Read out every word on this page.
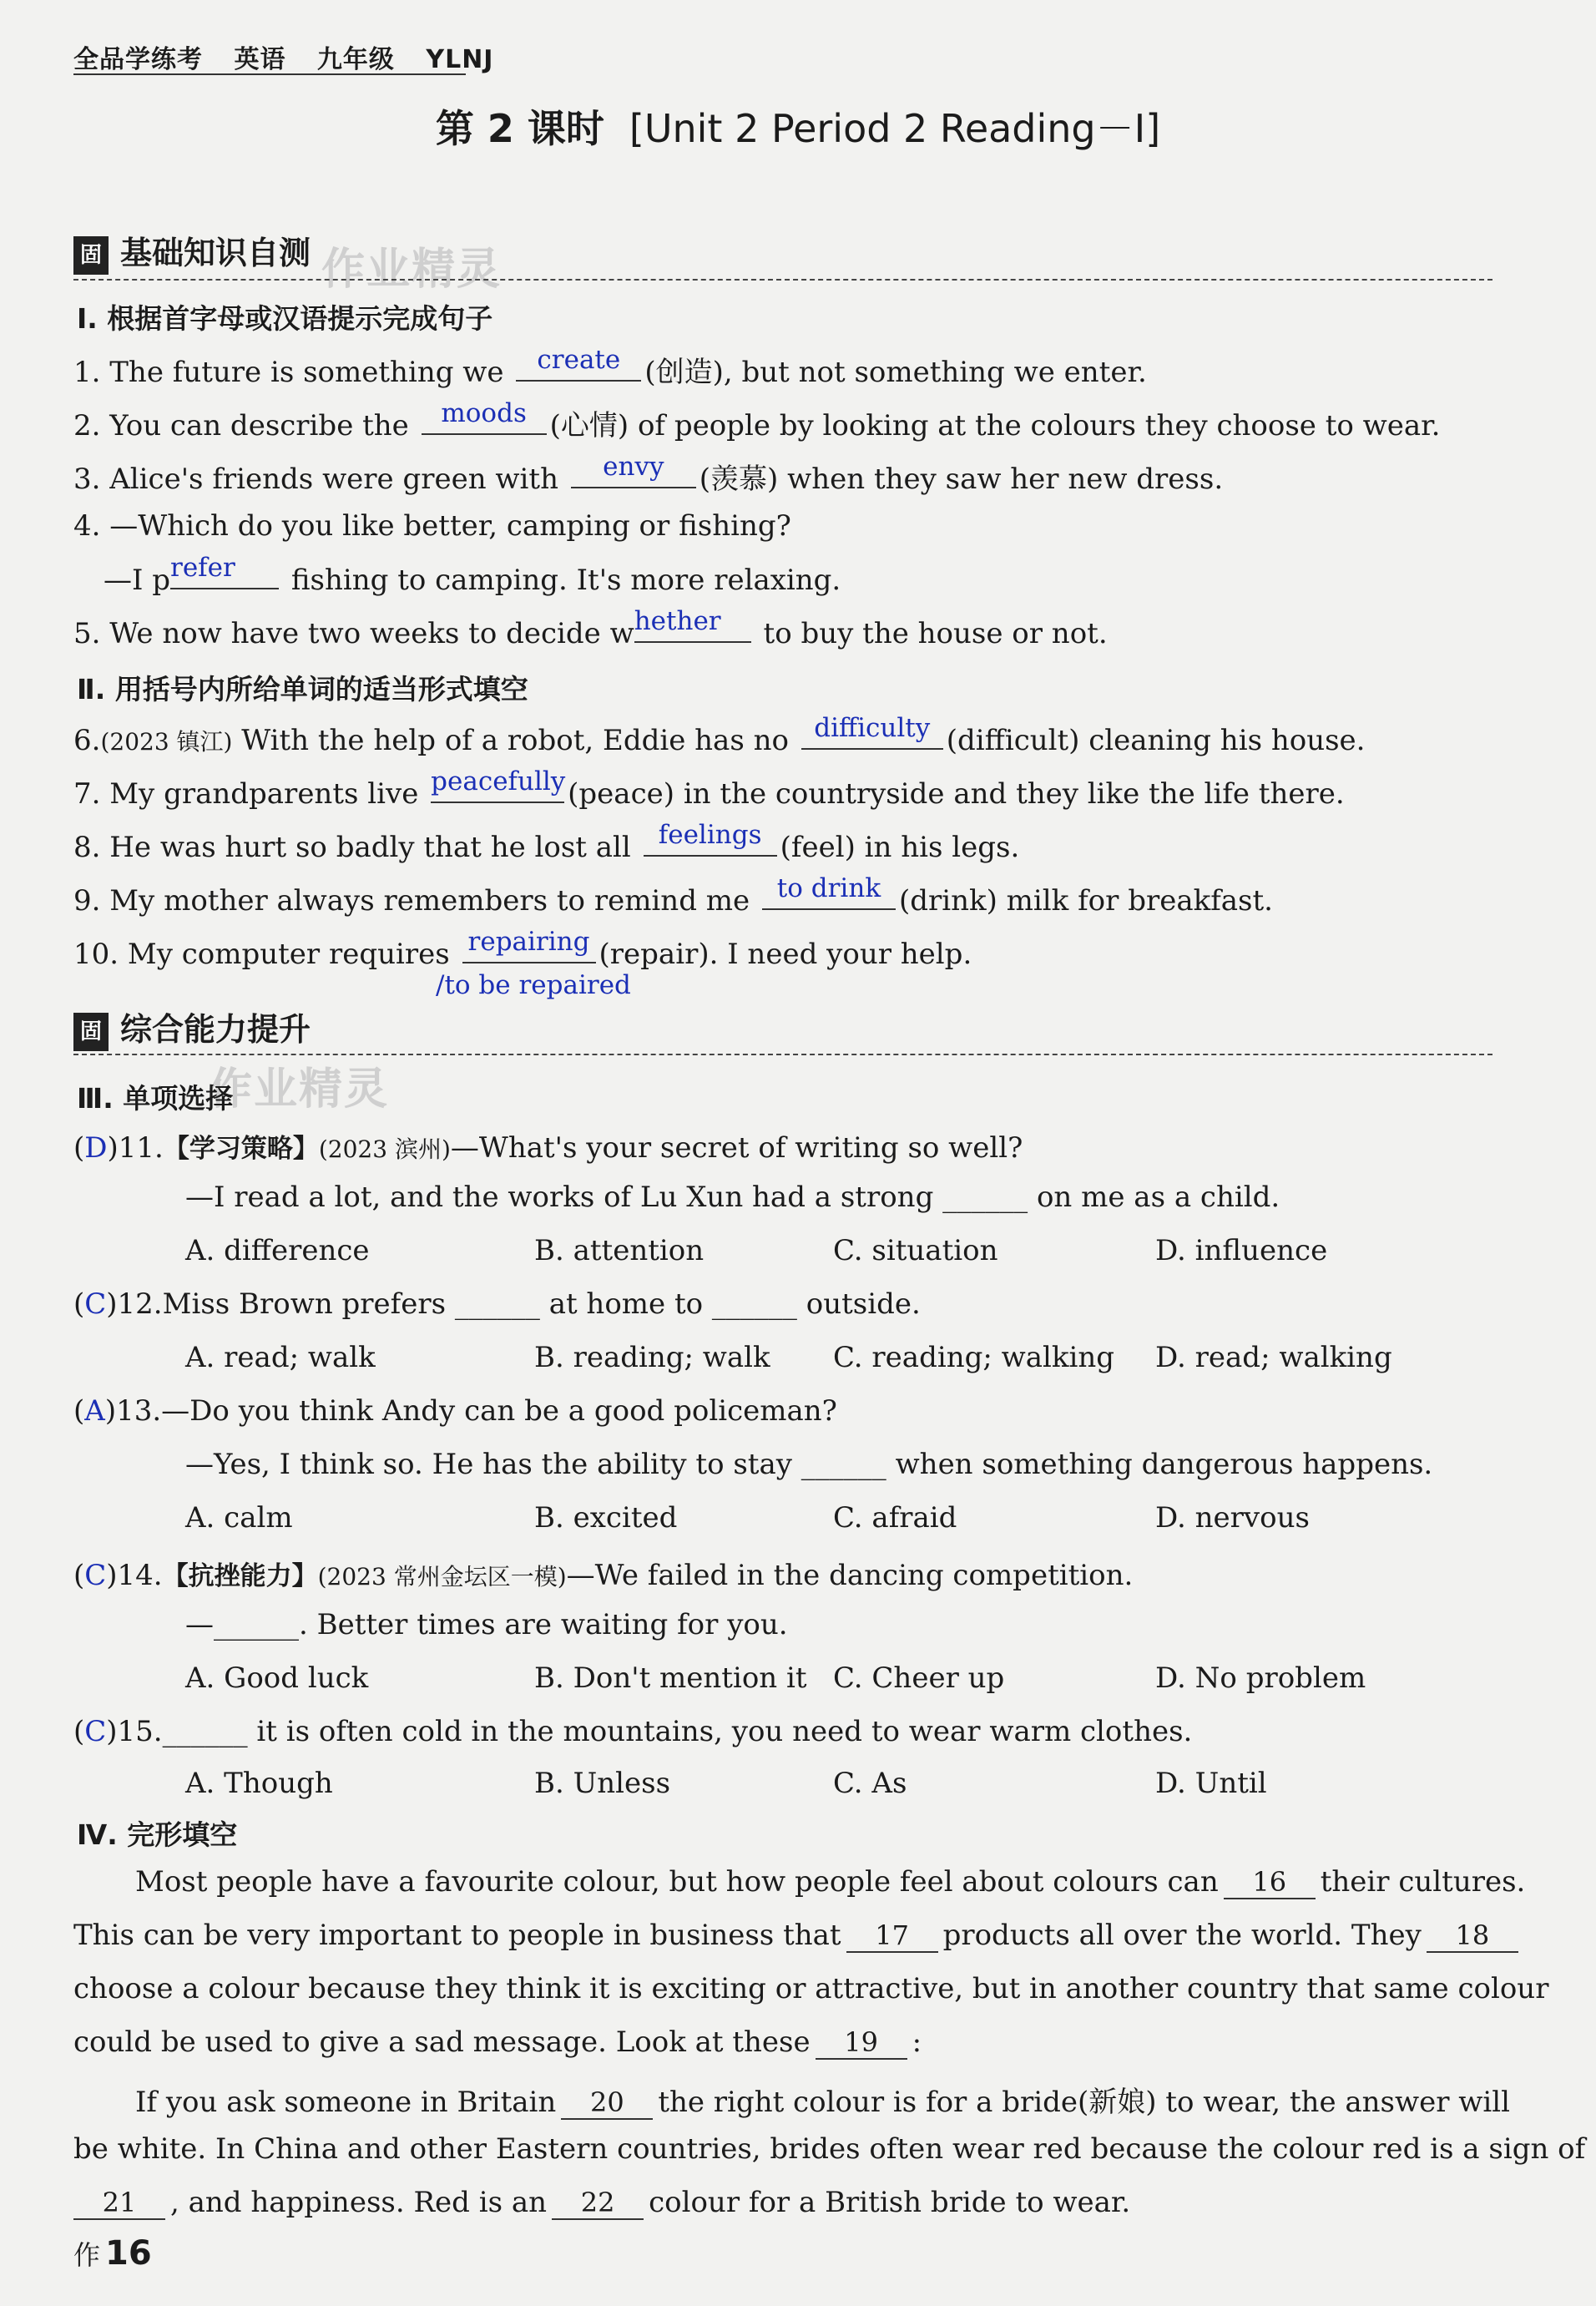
全品学练考 英语 九年级 YLNJ
第 2 课时 [Unit 2 Period 2 Reading－Ⅰ]
固 基础知识自测 作业精灵
Ⅰ. 根据首字母或汉语提示完成句子
1. The future is something we	create (创造), but not something we enter.
2. You can describe the	moods (心情) of people by looking at the colours they choose to wear.
3. Alice's friends were green with	envy	(羡慕) when they saw her new dress.
4. —Which do you like better, camping or fishing?
—I p refer	fishing to camping. It's more relaxing.
5. We now have two weeks to decide w hether	to buy the house or not.
Ⅱ. 用括号内所给单词的适当形式填空
6.(2023 镇江) With the help of a robot, Eddie has no difficulty (difficult) cleaning his house.
7. My grandparents live peacefully (peace) in the countryside and they like the life there.
8. He was hurt so badly that he lost all	feelings (feel) in his legs.
9. My mother always remembers to remind me	to drink (drink) milk for breakfast.
10. My computer requires repairing (repair). I need your help.
/to be repaired
固 综合能力提升
作业精灵
Ⅲ. 单项选择
(D)11.【学习策略】(2023 滨州)—What's your secret of writing so well?
—I read a lot, and the works of Lu Xun had a strong ______ on me as a child.
A. difference	B. attention	C. situation	D. influence
(C)12.Miss Brown prefers ______ at home to ______ outside.
A. read; walk	B. reading; walk C. reading; walking D. read; walking
(A)13.—Do you think Andy can be a good policeman?
—Yes, I think so. He has the ability to stay ______ when something dangerous happens.
A. calm	B. excited	C. afraid	D. nervous
(C)14.【抗挫能力】(2023 常州金坛区一模)—We failed in the dancing competition.
—______. Better times are waiting for you.
A. Good luck	B. Don't mention it C. Cheer up	D. No problem
(C)15.______ it is often cold in the mountains, you need to wear warm clothes.
A. Though	B. Unless	C. As	D. Until
Ⅳ. 完形填空
Most people have a favourite colour, but how people feel about colours can 16 their cultures.
This can be very important to people in business that 17 products all over the world. They 18
choose a colour because they think it is exciting or attractive, but in another country that same colour
could be used to give a sad message. Look at these 19 :
If you ask someone in Britain 20 the right colour is for a bride(新娘) to wear, the answer will
be white. In China and other Eastern countries, brides often wear red because the colour red is a sign of
21 , and happiness. Red is an 22 colour for a British bride to wear.
作 16
